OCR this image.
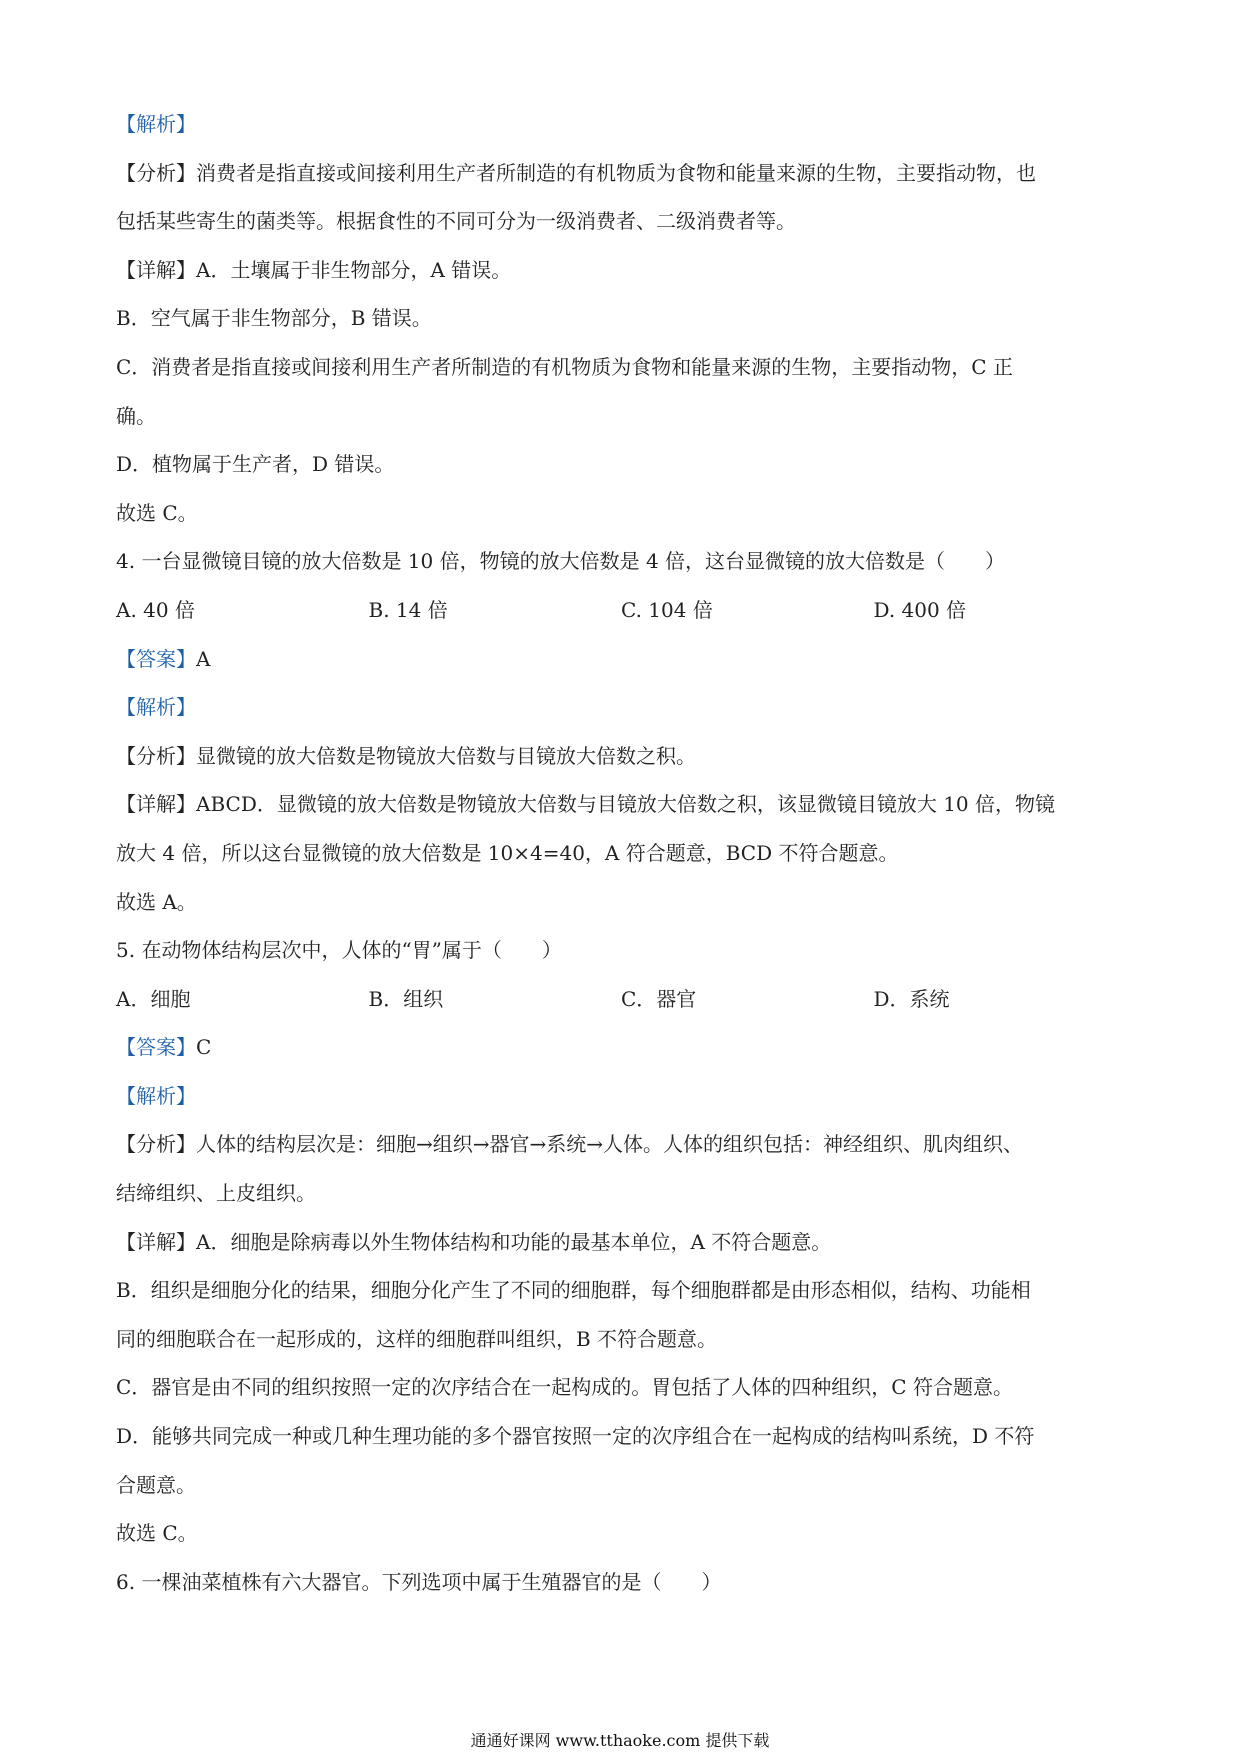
【解析】
【分析】消费者是指直接或间接利用生产者所制造的有机物质为食物和能量来源的生物，主要指动物，也
包括某些寄生的菌类等。根据食性的不同可分为一级消费者、二级消费者等。
【详解】A．土壤属于非生物部分，A 错误。
B．空气属于非生物部分，B 错误。
C．消费者是指直接或间接利用生产者所制造的有机物质为食物和能量来源的生物，主要指动物，C 正
确。
D．植物属于生产者，D 错误。
故选 C。
4. 一台显微镜目镜的放大倍数是 10 倍，物镜的放大倍数是 4 倍，这台显微镜的放大倍数是（　　）
A. 40 倍	B. 14 倍	C. 104 倍	D. 400 倍
【答案】A
【解析】
【分析】显微镜的放大倍数是物镜放大倍数与目镜放大倍数之积。
【详解】ABCD．显微镜的放大倍数是物镜放大倍数与目镜放大倍数之积，该显微镜目镜放大 10 倍，物镜
放大 4 倍，所以这台显微镜的放大倍数是 10×4=40，A 符合题意，BCD 不符合题意。
故选 A。
5. 在动物体结构层次中，人体的“胃”属于（　　）
A．细胞	B．组织	C．器官	D．系统
【答案】C
【解析】
【分析】人体的结构层次是：细胞→组织→器官→系统→人体。人体的组织包括：神经组织、肌肉组织、
结缔组织、上皮组织。
【详解】A．细胞是除病毒以外生物体结构和功能的最基本单位，A 不符合题意。
B．组织是细胞分化的结果，细胞分化产生了不同的细胞群，每个细胞群都是由形态相似，结构、功能相
同的细胞联合在一起形成的，这样的细胞群叫组织，B 不符合题意。
C．器官是由不同的组织按照一定的次序结合在一起构成的。胃包括了人体的四种组织，C 符合题意。
D．能够共同完成一种或几种生理功能的多个器官按照一定的次序组合在一起构成的结构叫系统，D 不符
合题意。
故选 C。
6. 一棵油菜植株有六大器官。下列选项中属于生殖器官的是（　　）
通通好课网 www.tthaoke.com 提供下载
